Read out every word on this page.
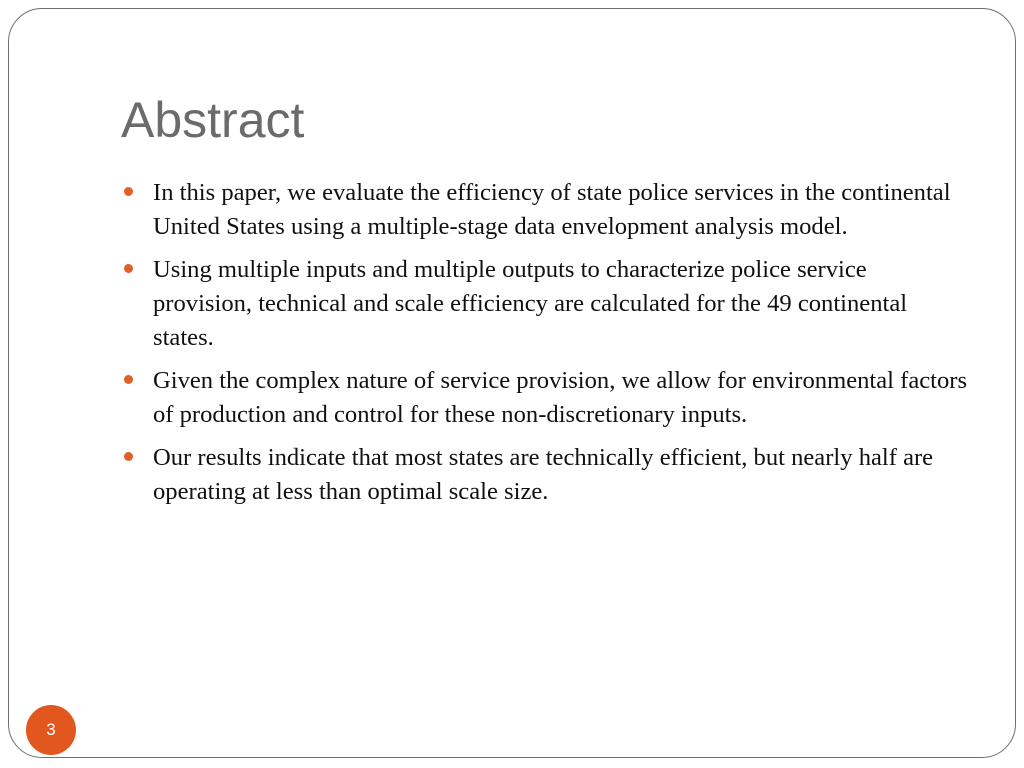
Abstract
In this paper, we evaluate the efficiency of state police services in the continental United States using a multiple-stage data envelopment analysis model.
Using multiple inputs and multiple outputs to characterize police service provision, technical and scale efficiency are calculated for the 49 continental states.
Given the complex nature of service provision, we allow for environmental factors of production and control for these non-discretionary inputs.
Our results indicate that most states are technically efficient, but nearly half are operating at less than optimal scale size.
3
